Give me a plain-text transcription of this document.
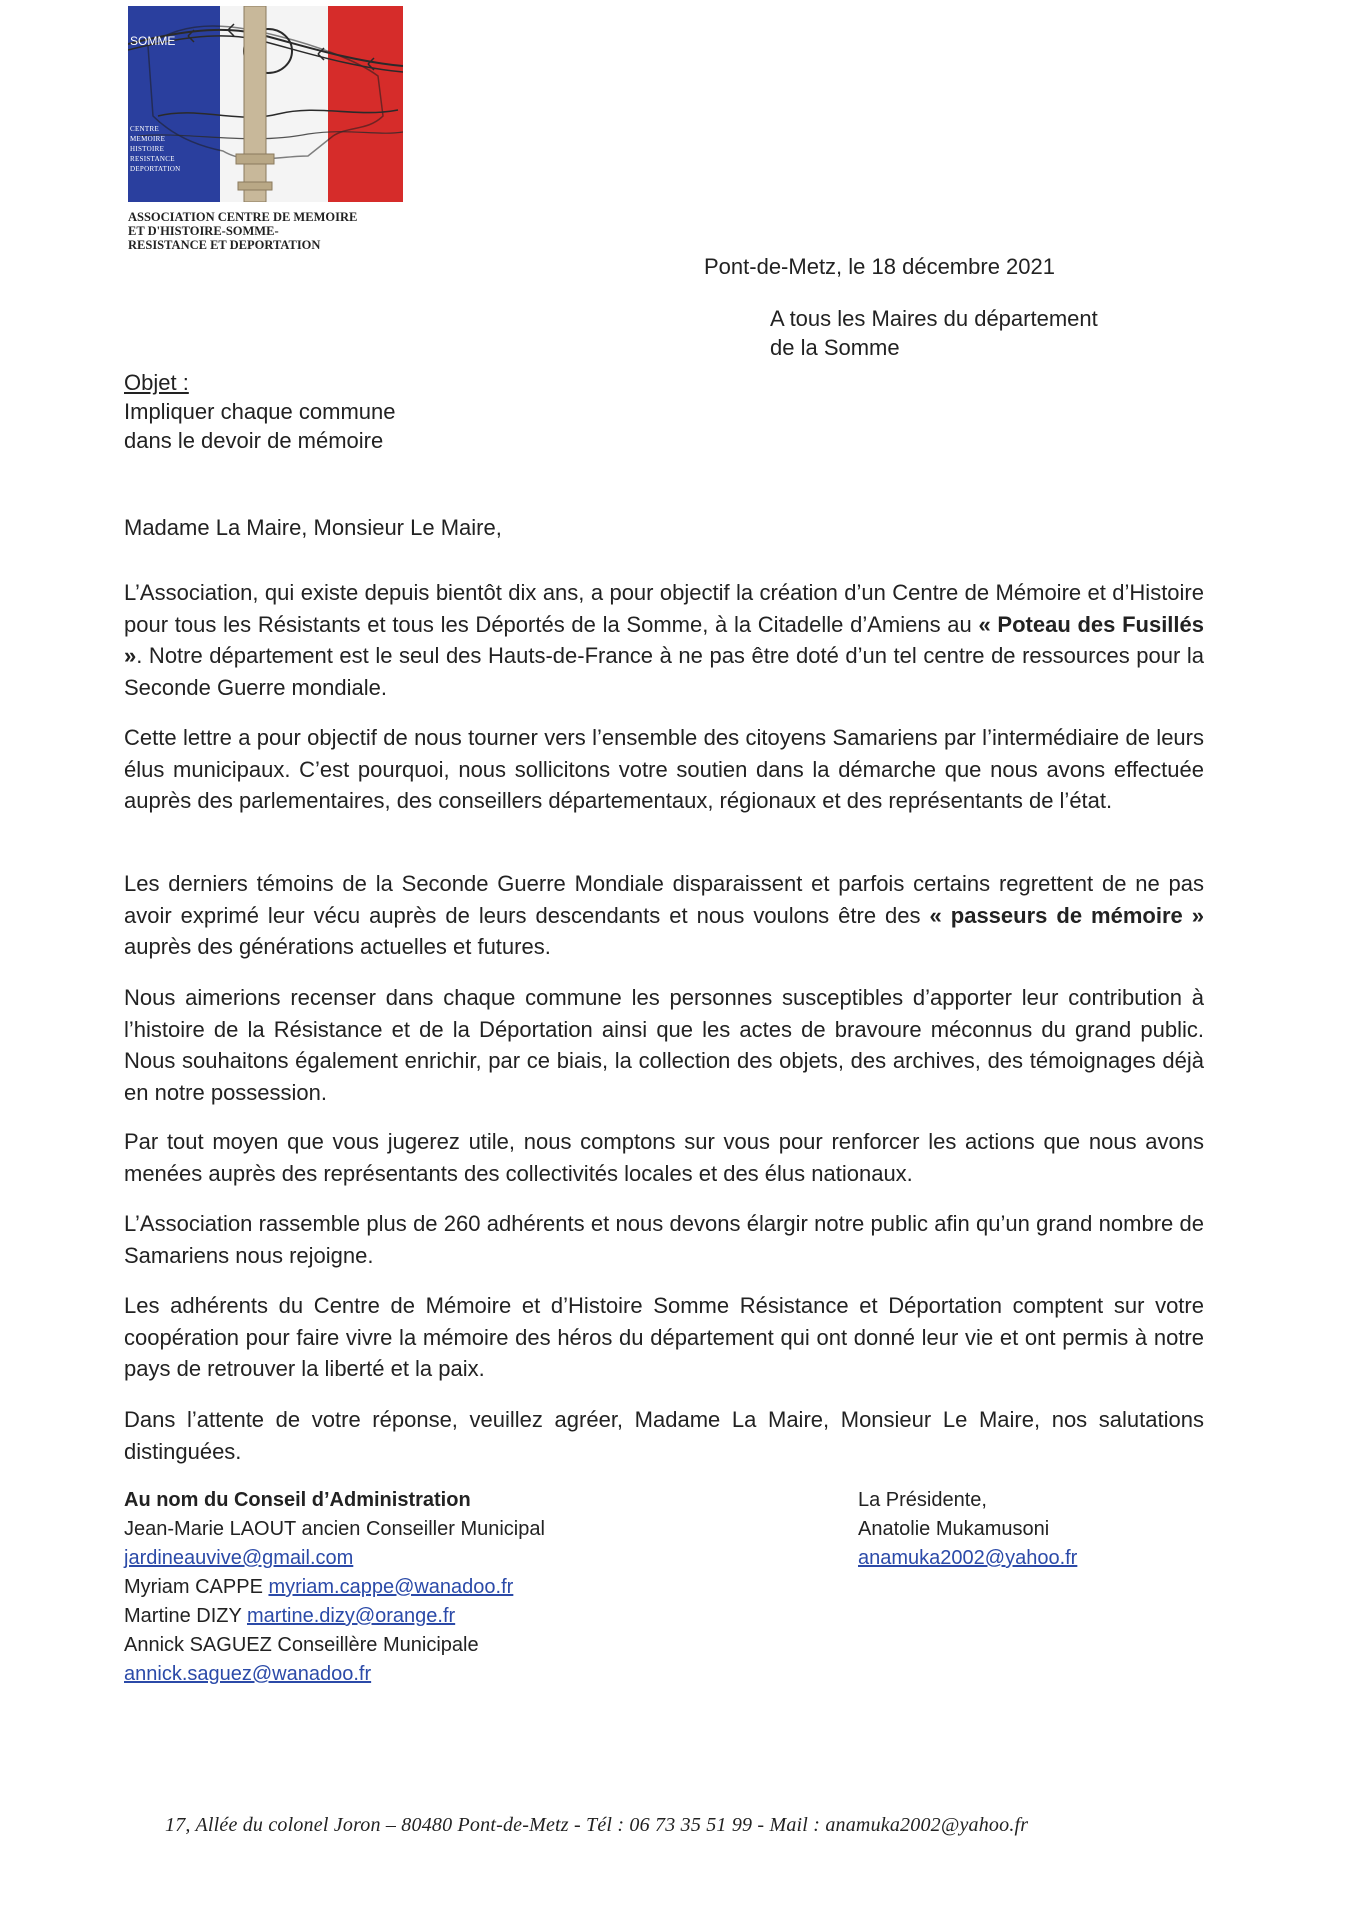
SOMME
CENTRE
MEMOIRE
HISTOIRE
RESISTANCE
DEPORTATION
ASSOCIATION CENTRE DE MEMOIRE
ET D'HISTOIRE-SOMME-
RESISTANCE ET DEPORTATION
Pont-de-Metz, le 18 décembre 2021
A tous les Maires du département
de la Somme
Objet :
Impliquer chaque commune
dans le devoir de mémoire
Madame La Maire, Monsieur Le Maire,

L’Association, qui existe depuis bientôt dix ans, a pour objectif la création d’un Centre de Mémoire et d’Histoire pour tous les Résistants et tous les Déportés de la Somme, à la Citadelle d’Amiens au « Poteau des Fusillés ». Notre département est le seul des Hauts-de-France à ne pas être doté d’un tel centre de ressources pour la Seconde Guerre mondiale.

Cette lettre a pour objectif de nous tourner vers l’ensemble des citoyens Samariens par l’intermédiaire de leurs élus municipaux. C’est pourquoi, nous sollicitons votre soutien dans la démarche que nous avons effectuée auprès des parlementaires, des conseillers départementaux, régionaux et des représentants de l’état.

Les derniers témoins de la Seconde Guerre Mondiale disparaissent et parfois certains regrettent de ne pas avoir exprimé leur vécu auprès de leurs descendants et nous voulons être des « passeurs de mémoire » auprès des générations actuelles et futures.

Nous aimerions recenser dans chaque commune les personnes susceptibles d’apporter leur contribution à l’histoire de la Résistance et de la Déportation ainsi que les actes de bravoure méconnus du grand public. Nous souhaitons également enrichir, par ce biais, la collection des objets, des archives, des témoignages déjà en notre possession.

Par tout moyen que vous jugerez utile, nous comptons sur vous pour renforcer les actions que nous avons menées auprès des représentants des collectivités locales et des élus nationaux.

L’Association rassemble plus de 260 adhérents et nous devons élargir notre public afin qu’un grand nombre de Samariens nous rejoigne.

Les adhérents du Centre de Mémoire et d’Histoire Somme Résistance et Déportation comptent sur votre coopération pour faire vivre la mémoire des héros du département qui ont donné leur vie et ont permis à notre pays de retrouver la liberté et la paix.

Dans l’attente de votre réponse, veuillez agréer, Madame La Maire, Monsieur Le Maire, nos salutations distinguées.

Au nom du Conseil d’Administration
Jean-Marie LAOUT ancien Conseiller Municipal
jardineauvive@gmail.com
Myriam CAPPE myriam.cappe@wanadoo.fr
Martine DIZY martine.dizy@orange.fr
Annick SAGUEZ Conseillère Municipale
annick.saguez@wanadoo.fr
La Présidente,
Anatolie Mukamusoni
anamuka2002@yahoo.fr
17, Allée du colonel Joron – 80480 Pont-de-Metz - Tél : 06 73 35 51 99 - Mail : anamuka2002@yahoo.fr
